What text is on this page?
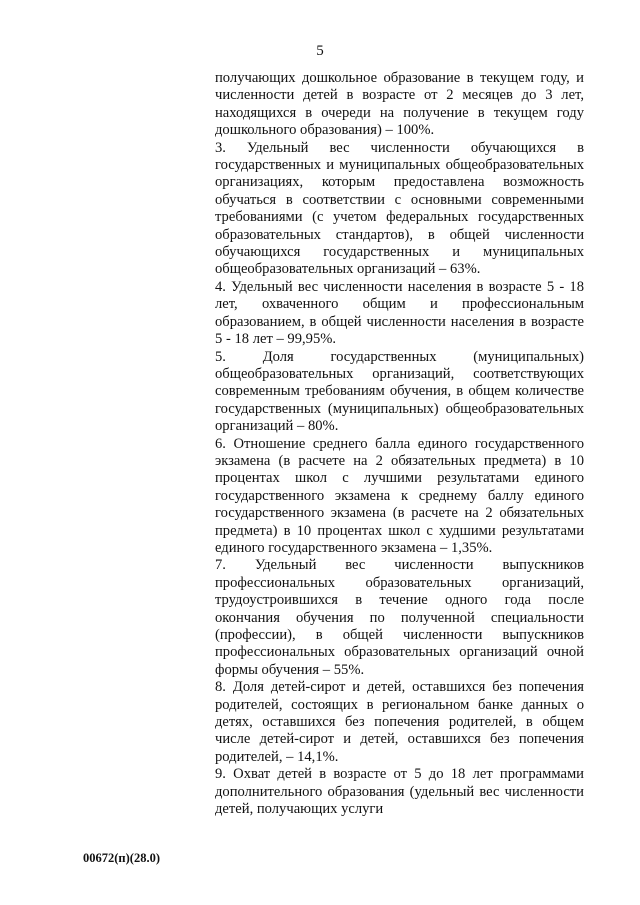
5

получающих дошкольное образование в текущем году, и численности детей в возрасте от 2 месяцев до 3 лет, находящихся в очереди на получение в текущем году дошкольного образования) – 100%.

3. Удельный вес численности обучающихся в государственных и муниципальных общеобразовательных организациях, которым предоставлена возможность обучаться в соответствии с основными современными требованиями (с учетом федеральных государственных образовательных стандартов), в общей численности обучающихся государственных и муниципальных общеобразовательных организаций – 63%.

4. Удельный вес численности населения в возрасте 5 - 18 лет, охваченного общим и профессиональным образованием, в общей численности населения в возрасте 5 - 18 лет – 99,95%.

5. Доля государственных (муниципальных) общеобразовательных организаций, соответствующих современным требованиям обучения, в общем количестве государственных (муниципальных) общеобразовательных организаций – 80%.

6. Отношение среднего балла единого государственного экзамена (в расчете на 2 обязательных предмета) в 10 процентах школ с лучшими результатами единого государственного экзамена к среднему баллу единого государственного экзамена (в расчете на 2 обязательных предмета) в 10 процентах школ с худшими результатами единого государственного экзамена – 1,35%.

7. Удельный вес численности выпускников профессиональных образовательных организаций, трудоустроившихся в течение одного года после окончания обучения по полученной специальности (профессии), в общей численности выпускников профессиональных образовательных организаций очной формы обучения – 55%.

8. Доля детей-сирот и детей, оставшихся без попечения родителей, состоящих в региональном банке данных о детях, оставшихся без попечения родителей, в общем числе детей-сирот и детей, оставшихся без попечения родителей, – 14,1%.

9. Охват детей в возрасте от 5 до 18 лет программами дополнительного образования (удельный вес численности детей, получающих услуги

00672(п)(28.0)
